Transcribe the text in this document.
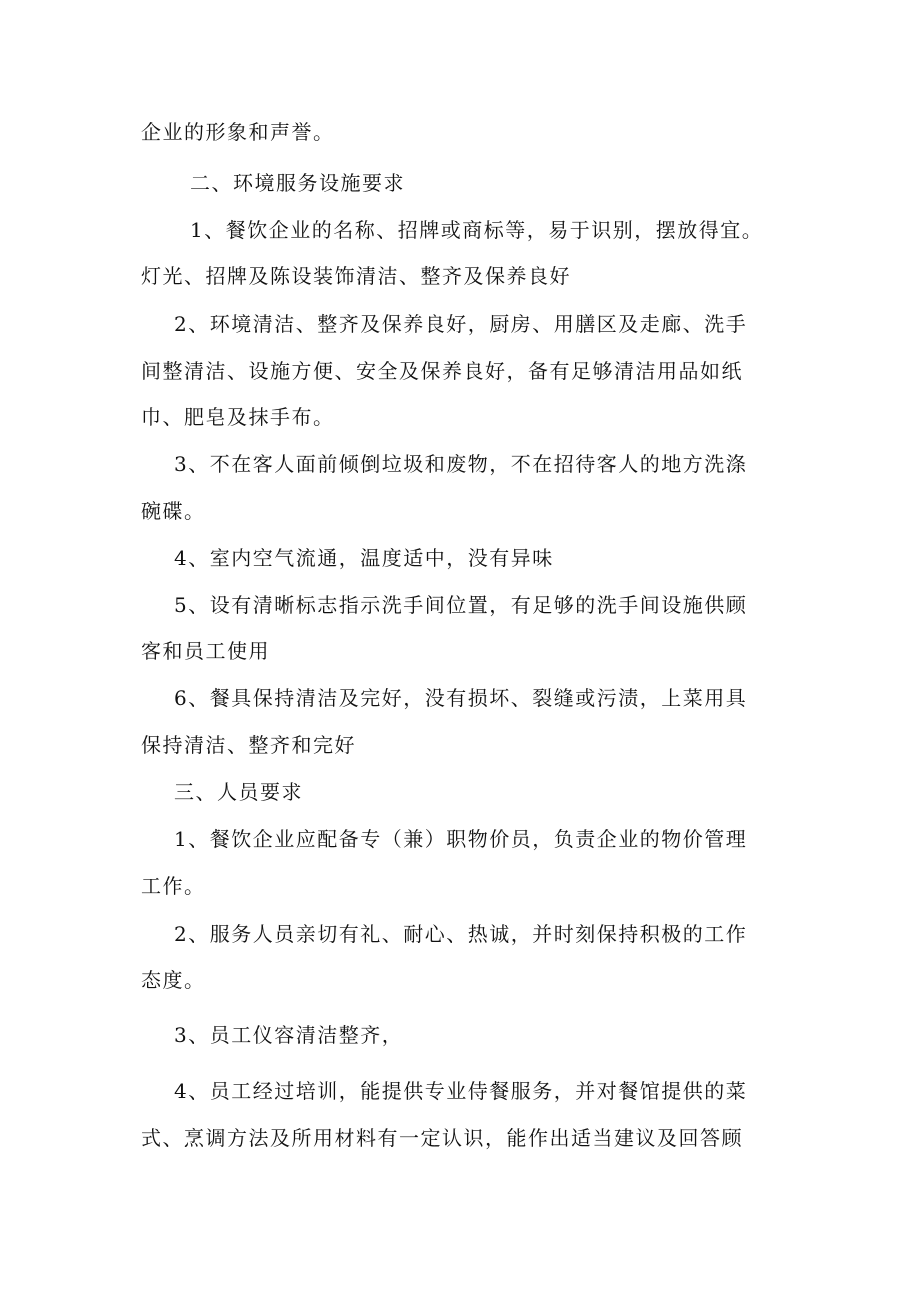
企业的形象和声誉。
二、环境服务设施要求
1、餐饮企业的名称、招牌或商标等，易于识别，摆放得宜。
灯光、招牌及陈设装饰清洁、整齐及保养良好
2、环境清洁、整齐及保养良好，厨房、用膳区及走廊、洗手
间整清洁、设施方便、安全及保养良好，备有足够清洁用品如纸
巾、肥皂及抹手布。
3、不在客人面前倾倒垃圾和废物，不在招待客人的地方洗涤
碗碟。
4、室内空气流通，温度适中，没有异味
5、设有清晰标志指示洗手间位置，有足够的洗手间设施供顾
客和员工使用
6、餐具保持清洁及完好，没有损坏、裂缝或污渍，上菜用具
保持清洁、整齐和完好
三、人员要求
1、餐饮企业应配备专（兼）职物价员，负责企业的物价管理
工作。
2、服务人员亲切有礼、耐心、热诚，并时刻保持积极的工作
态度。
3、员工仪容清洁整齐，
4、员工经过培训，能提供专业侍餐服务，并对餐馆提供的菜
式、烹调方法及所用材料有一定认识，能作出适当建议及回答顾
